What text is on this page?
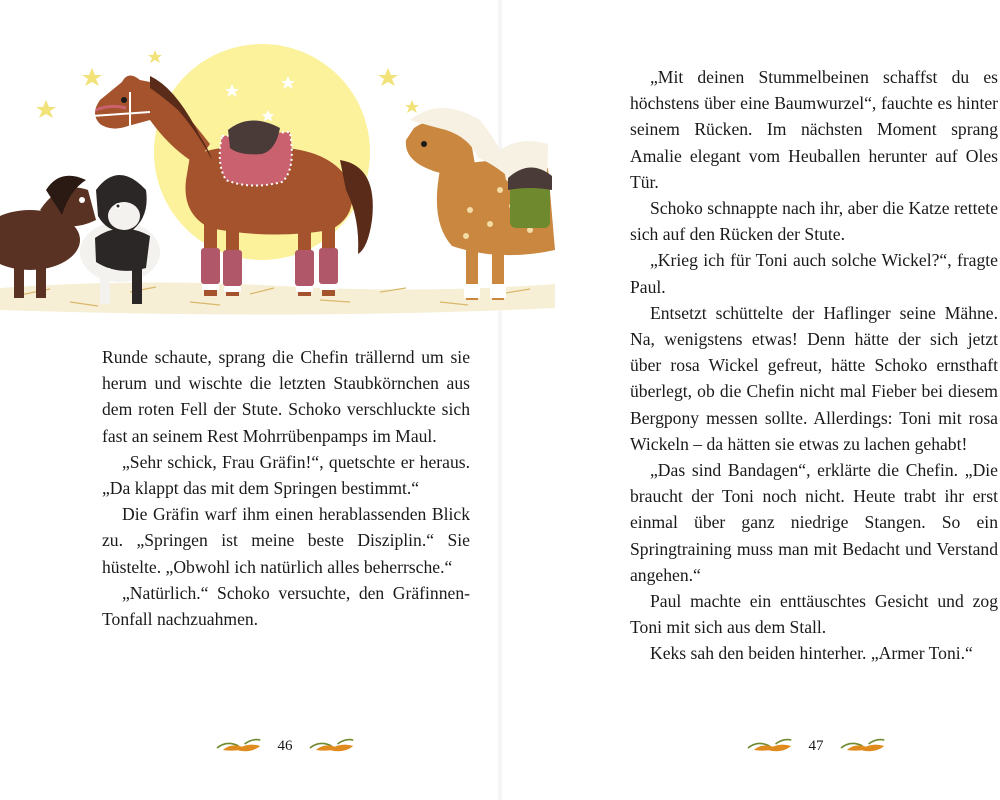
Runde schaute, sprang die Chefin trällernd um sie herum und wischte die letzten Staubkörnchen aus dem roten Fell der Stute. Schoko verschluckte sich fast an seinem Rest Mohrrübenpamps im Maul.

„Sehr schick, Frau Gräfin!“, quetschte er heraus. „Da klappt das mit dem Springen bestimmt.“

Die Gräfin warf ihm einen herablassenden Blick zu. „Springen ist meine beste Disziplin.“ Sie hüstelte. „Obwohl ich natürlich alles beherrsche.“

„Natürlich.“ Schoko versuchte, den Gräfinnen-Tonfall nachzuahmen.

46

„Mit deinen Stummelbeinen schaffst du es höchstens über eine Baumwurzel“, fauchte es hinter seinem Rücken. Im nächsten Moment sprang Amalie elegant vom Heuballen herunter auf Oles Tür.

Schoko schnappte nach ihr, aber die Katze rettete sich auf den Rücken der Stute.

„Krieg ich für Toni auch solche Wickel?“, fragte Paul.

Entsetzt schüttelte der Haflinger seine Mähne. Na, wenigstens etwas! Denn hätte der sich jetzt über rosa Wickel gefreut, hätte Schoko ernsthaft überlegt, ob die Chefin nicht mal Fieber bei diesem Bergpony messen sollte. Allerdings: Toni mit rosa Wickeln – da hätten sie etwas zu lachen gehabt!

„Das sind Bandagen“, erklärte die Chefin. „Die braucht der Toni noch nicht. Heute trabt ihr erst einmal über ganz niedrige Stangen. So ein Springtraining muss man mit Bedacht und Verstand angehen.“

Paul machte ein enttäuschtes Gesicht und zog Toni mit sich aus dem Stall.

Keks sah den beiden hinterher. „Armer Toni.“

47
